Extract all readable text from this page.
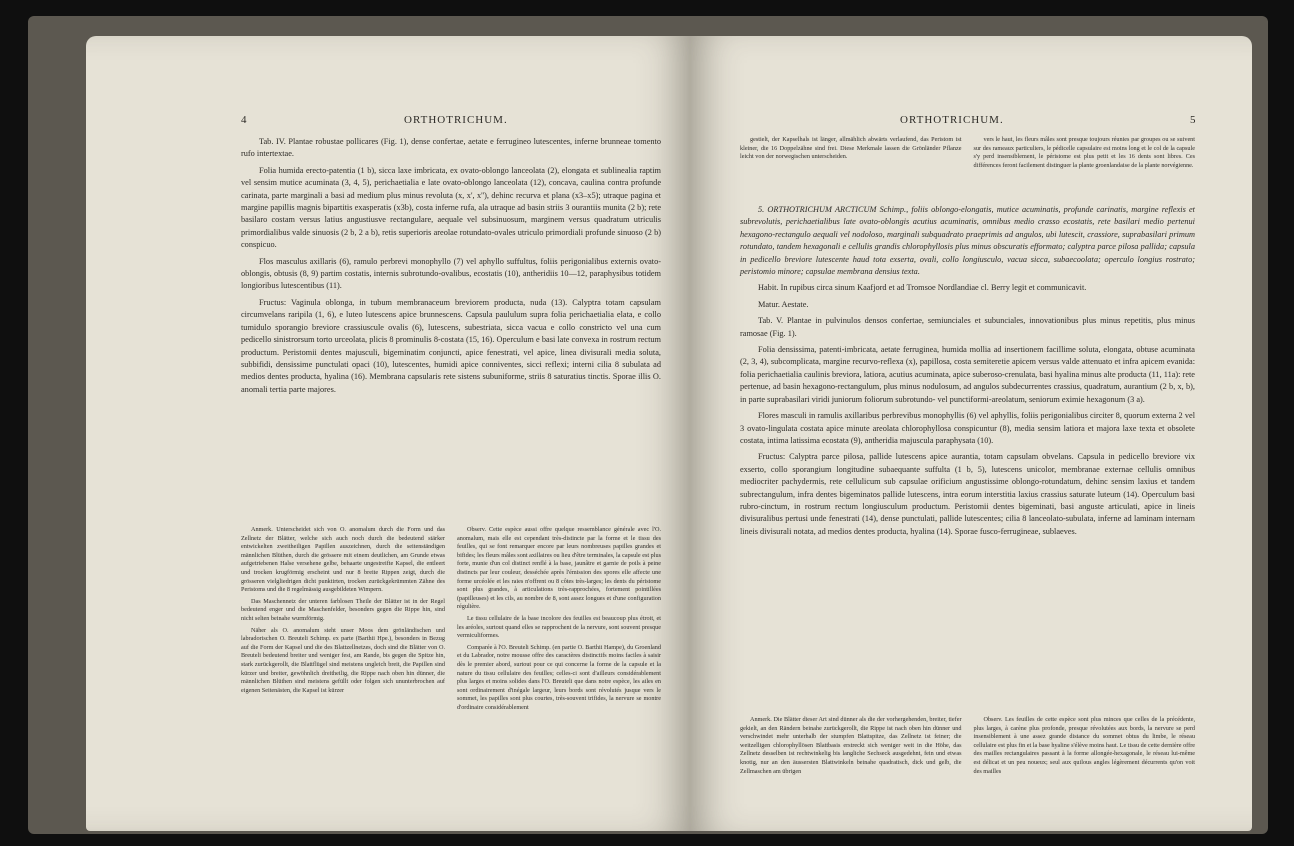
4	ORTHOTRICHUM.

Tab. IV. Plantae robustae pollicares (Fig. 1), dense confertae, aetate e ferrugineo lutescentes, inferne brunneae tomento rufo intertextae.

Folia humida erecto-patentia (1 b), sicca laxe imbricata, ex ovato-oblongo lanceolata (2), elongata et sublinealia raptim vel sensim mutice acuminata (3, 4, 5), perichaetialia e late ovato-oblongo lanceolata (12), concava, caulina contra profunde carinata, parte marginali a basi ad medium plus minus revoluta (x, x', x''), dehinc recurva et plana (x3–x5); utraque pagina et margine papillis magnis bipartitis exasperatis (x3b), costa inferne rufa, ala utraque ad basin striis 3 ourantiis munita (2 b); rete basilaro costam versus latius angustiusve rectangulare, aequale vel subsinuosum, marginem versus quadratum utriculis primordialibus valde sinuosis (2 b, 2 a b), retis superioris areolae rotundato-ovales utriculo primordiali profunde sinuoso (2 b) conspicuo.

Flos masculus axillaris (6), ramulo perbrevi monophyllo (7) vel aphyllo suffultus, foliis perigonialibus externis ovato-oblongis, obtusis (8, 9) partim costatis, internis subrotundo-ovalibus, ecostatis (10), antheridiis 10—12, paraphysibus totidem longioribus lutescentibus (11).

Fructus: Vaginula oblonga, in tubum membranaceum breviorem producta, nuda (13). Calyptra totam capsulam circumvelans raripila (1, 6), e luteo lutescens apice brunnescens. Capsula paululum supra folia perichaetialia elata, e collo tumidulo sporangio breviore crassiuscule ovalis (6), lutescens, subestriata, sicca vacua e collo constricto vel una cum pedicello sinistrorsum torto urceolata, plicis 8 prominulis 8-costata (15, 16). Operculum e basi late convexa in rostrum rectum productum. Peristomii dentes majusculi, bigeminatim conjuncti, apice fenestrati, vel apice, linea divisurali media soluta, subbifidi, densissime punctulati opaci (10), lutescentes, humidi apice conniventes, sicci reflexi; interni cilia 8 subulata ad medios dentes producta, hyalina (16). Membrana capsularis rete sistens subuniforme, striis 8 saturatius tinctis. Sporae illis O. anomali tertia parte majores.

Anmerk. Unterscheidet sich von O. anomalum durch die Form und das Zellnetz der Blätter, welche sich auch noch durch die bedeutend stärker entwickelten zweitheiligen Papillen auszeichnen, durch die seitenständigen männlichen Blüthen, durch die grössere mit einem deutlichen, am Grunde etwas aufgetriebenen Halse versehene gelbe, behaarte ungestreifte Kapsel, die entleert und trocken krugförmig erscheint und nur 8 breite Rippen zeigt, durch die grösseren vielgliedrigen dicht punktirten, trocken zurückgekrümmten Zähne des Peristoms und die 8 regelmässig ausgebildeten Wimpern.

Das Maschennetz der unteren farblosen Theile der Blätter ist in der Regel bedeutend enger und die Maschenfelder, besonders gegen die Rippe hin, sind nicht selten beinahe wurmförmig.

Näher als O. anomalum steht unser Moos dem grönländischen und labradorischen O. Breuteli Schimp. ex parte (Barthii Hpe.), besonders in Bezug auf die Form der Kapsel und die des Blattzellnetzes, doch sind die Blätter von O. Breuteli bedeutend breiter und weniger fest, am Rande, bis gegen die Spitze hin, stark zurückgerollt, die Blattflügel sind meistens ungleich breit, die Papillen sind kürzer und breiter, gewöhnlich dreitheilig, die Rippe nach oben hin dünner, die männlichen Blüthen sind meistens gefüllt oder folgen sich ununterbrochen auf eigenen Seitenästen, die Kapsel ist kürzer

Observ. Cette espèce aussi offre quelque ressemblance générale avec l'O. anomalum, mais elle est cependant très-distincte par la forme et le tissu des feuilles, qui se font remarquer encore par leurs nombreuses papilles grandes et bifides; les fleurs mâles sont axillaires ou lieu d'être terminales, la capsule est plus forte, munie d'un col distinct renflé à la base, jaunâtre et garnie de poils à peine distincts par leur couleur, desséchée après l'émission des spores elle affecte une forme urcéolée et les raies n'offrent ou 8 côtes très-larges; les dents du péristome sont plus grandes, à articulations très-rapprochées, fortement pointillées (papilleuses) et les cils, au nombre de 8, sont assez longues et d'une configuration régulière.

Le tissu cellulaire de la base incolore des feuilles est beaucoup plus étroit, et les aréoles, surtout quand elles se rapprochent de la nervure, sont souvent presque vermiculiformes.

Comparée à l'O. Breuteli Schimp. (en partie O. Barthii Hampe), du Groenland et du Labrador, notre mousse offre des caractères distinctifs moins faciles à saisir dès le premier abord, surtout pour ce qui concerne la forme de la capsule et la nature du tissu cellulaire des feuilles; celles-ci sont d'ailleurs considérablement plus larges et moins solides dans l'O. Breuteli que dans notre espèce, les ailes en sont ordinairement d'inégale largeur, leurs bords sont révolutés jusque vers le sommet, les papilles sont plus courtes, très-souvent trifides, la nervure se montre d'ordinaire considérablement

ORTHOTRICHUM.	5

gestielt, der Kapselhals ist länger, allmählich abwärts verlaufend, das Peristom ist kleiner, die 16 Doppelzähne sind frei. Diese Merkmale lassen die Grönländer Pflanze leicht von der norwegischen unterscheiden.

vers le haut, les fleurs mâles sont presque toujours réunies par groupes ou se suivent sur des rameaux particuliers, le pédicelle capsulaire est moins long et le col de la capsule s'y perd insensiblement, le péristome est plus petit et les 16 dents sont libres. Ces différences feront facilement distinguer la plante groenlandaise de la plante norvégienne.

5. ORTHOTRICHUM ARCTICUM Schimp., foliis oblongo-elongatis, mutice acuminatis, profunde carinatis, margine reflexis et subrevolutis, perichaetialibus late ovato-oblongis acutius acuminatis, omnibus medio crasso ecostatis, rete basilari medio pertenui hexagono-rectangulo aequali vel nodoloso, marginali subquadrato praeprimis ad angulos, ubi lutescit, crassiore, suprabasilari primum rotundato, tandem hexagonali e cellulis grandis chlorophyllosis plus minus obscuratis efformato; calyptra parce pilosa pallida; capsula in pedicello breviore lutescente haud tota exserta, ovali, collo longiusculo, vacua sicca, subaecoolata; operculo longius rostrato; peristomio minore; capsulae membrana densius texta.

Habit. In rupibus circa sinum Kaafjord et ad Tromsoe Nordlandiae cl. Berry legit et communicavit.

Matur. Aestate.

Tab. V. Plantae in pulvinulos densos confertae, semiunciales et subunciales, innovationibus plus minus repetitis, plus minus ramosae (Fig. 1).

Folia densissima, patenti-imbricata, aetate ferruginea, humida mollia ad insertionem facillime soluta, elongata, obtuse acuminata (2, 3, 4), subcomplicata, margine recurvo-reflexa (x), papillosa, costa semiteretie apicem versus valde attenuato et infra apicem evanida: folia perichaetialia caulinis breviora, latiora, acutius acuminata, apice suberoso-crenulata, basi hyalina minus alte producta (11, 11a): rete pertenue, ad basin hexagono-rectangulum, plus minus nodulosum, ad angulos subdecurrentes crassius, quadratum, aurantium (2 b, x, b), in parte suprabasilari viridi juniorum foliorum subrotundo- vel punctiformi-areolatum, seniorum eximie hexagonum (3 a).

Flores masculi in ramulis axillaribus perbrevibus monophyllis (6) vel aphyllis, foliis perigonialibus circiter 8, quorum externa 2 vel 3 ovato-lingulata costata apice minute areolata chlorophyllosa conspicuntur (8), media sensim latiora et majora laxe texta et obsolete costata, intima latissima ecostata (9), antheridia majuscula paraphysata (10).

Fructus: Calyptra parce pilosa, pallide lutescens apice aurantia, totam capsulam obvelans. Capsula in pedicello breviore vix exserto, collo sporangium longitudine subaequante suffulta (1 b, 5), lutescens unicolor, membranae externae cellulis omnibus mediocriter pachydermis, rete cellulicum sub capsulae orificium angustissime oblongo-rotundatum, dehinc sensim laxius et tandem subrectangulum, infra dentes bigeminatos pallide lutescens, intra eorum interstitia laxius crassius saturate luteum (14). Operculum basi rubro-cinctum, in rostrum rectum longiusculum productum. Peristomii dentes bigeminati, basi anguste articulati, apice in lineis divisuralibus pertusi unde fenestrati (14), dense punctulati, pallide lutescentes; cilia 8 lanceolato-subulata, inferne ad laminam internam lineis divisurali notata, ad medios dentes producta, hyalina (14). Sporae fusco-ferrugineae, sublaeves.

Anmerk. Die Blätter dieser Art sind dünner als die der vorhergehenden, breiter, tiefer gekielt, an den Rändern beinahe zurückgerollt, die Rippe ist nach oben hin dünner und verschwindet mehr unterhalb der stumpfen Blattspitze, das Zellnetz ist feiner; die weitzelligen chlorophyllösen Blattbasis erstreckt sich weniger weit in die Höhe, das Zellnetz desselben ist rechtwinkelig bis langliche Sechseck ausgedehnt, fein und etwas knotig, nur an den äussersten Blattwinkeln beinahe quadratisch, dick und gelb, die Zellmaschen am übrigen

Observ. Les feuilles de cette espèce sont plus minces que celles de la précédente, plus larges, à carène plus profonde, presque révolutées aux bords, la nervure se perd insensiblement à une assez grande distance du sommet obtus du limbe, le réseau cellulaire est plus fin et la base hyaline s'élève moins haut. Le tissu de cette dernière offre des mailles rectangulaires passant à la forme allongée-hexagonale, le réseau lui-même est délicat et un peu noueux; seul aux quilous angles légèrement décurrents qu'on voit des mailles
